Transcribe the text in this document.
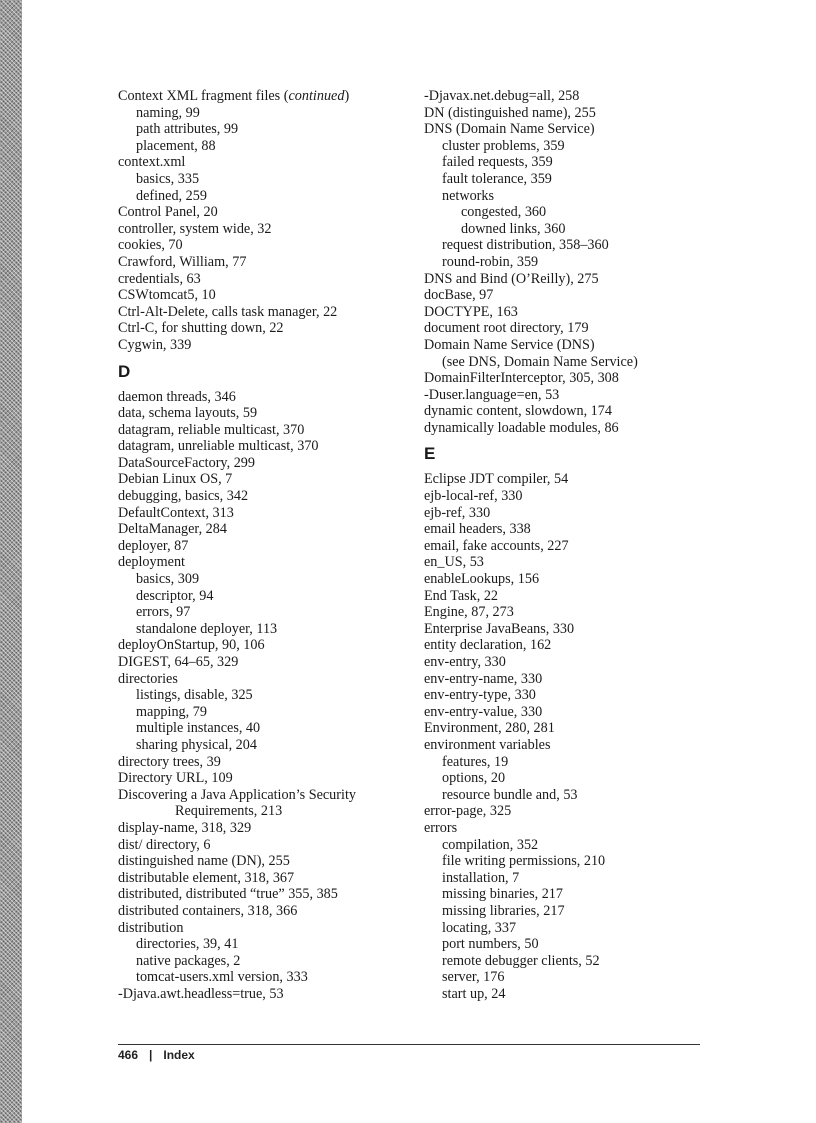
Context XML fragment files (continued)
naming, 99
path attributes, 99
placement, 88
context.xml
basics, 335
defined, 259
Control Panel, 20
controller, system wide, 32
cookies, 70
Crawford, William, 77
credentials, 63
CSWtomcat5, 10
Ctrl-Alt-Delete, calls task manager, 22
Ctrl-C, for shutting down, 22
Cygwin, 339
D
daemon threads, 346
data, schema layouts, 59
datagram, reliable multicast, 370
datagram, unreliable multicast, 370
DataSourceFactory, 299
Debian Linux OS, 7
debugging, basics, 342
DefaultContext, 313
DeltaManager, 284
deployer, 87
deployment
basics, 309
descriptor, 94
errors, 97
standalone deployer, 113
deployOnStartup, 90, 106
DIGEST, 64–65, 329
directories
listings, disable, 325
mapping, 79
multiple instances, 40
sharing physical, 204
directory trees, 39
Directory URL, 109
Discovering a Java Application’s Security
Requirements, 213
display-name, 318, 329
dist/ directory, 6
distinguished name (DN), 255
distributable element, 318, 367
distributed, distributed “true” 355, 385
distributed containers, 318, 366
distribution
directories, 39, 41
native packages, 2
tomcat-users.xml version, 333
-Djava.awt.headless=true, 53
-Djavax.net.debug=all, 258
DN (distinguished name), 255
DNS (Domain Name Service)
cluster problems, 359
failed requests, 359
fault tolerance, 359
networks
congested, 360
downed links, 360
request distribution, 358–360
round-robin, 359
DNS and Bind (O’Reilly), 275
docBase, 97
DOCTYPE, 163
document root directory, 179
Domain Name Service (DNS)
(see DNS, Domain Name Service)
DomainFilterInterceptor, 305, 308
-Duser.language=en, 53
dynamic content, slowdown, 174
dynamically loadable modules, 86
E
Eclipse JDT compiler, 54
ejb-local-ref, 330
ejb-ref, 330
email headers, 338
email, fake accounts, 227
en_US, 53
enableLookups, 156
End Task, 22
Engine, 87, 273
Enterprise JavaBeans, 330
entity declaration, 162
env-entry, 330
env-entry-name, 330
env-entry-type, 330
env-entry-value, 330
Environment, 280, 281
environment variables
features, 19
options, 20
resource bundle and, 53
error-page, 325
errors
compilation, 352
file writing permissions, 210
installation, 7
missing binaries, 217
missing libraries, 217
locating, 337
port numbers, 50
remote debugger clients, 52
server, 176
start up, 24
466 | Index
